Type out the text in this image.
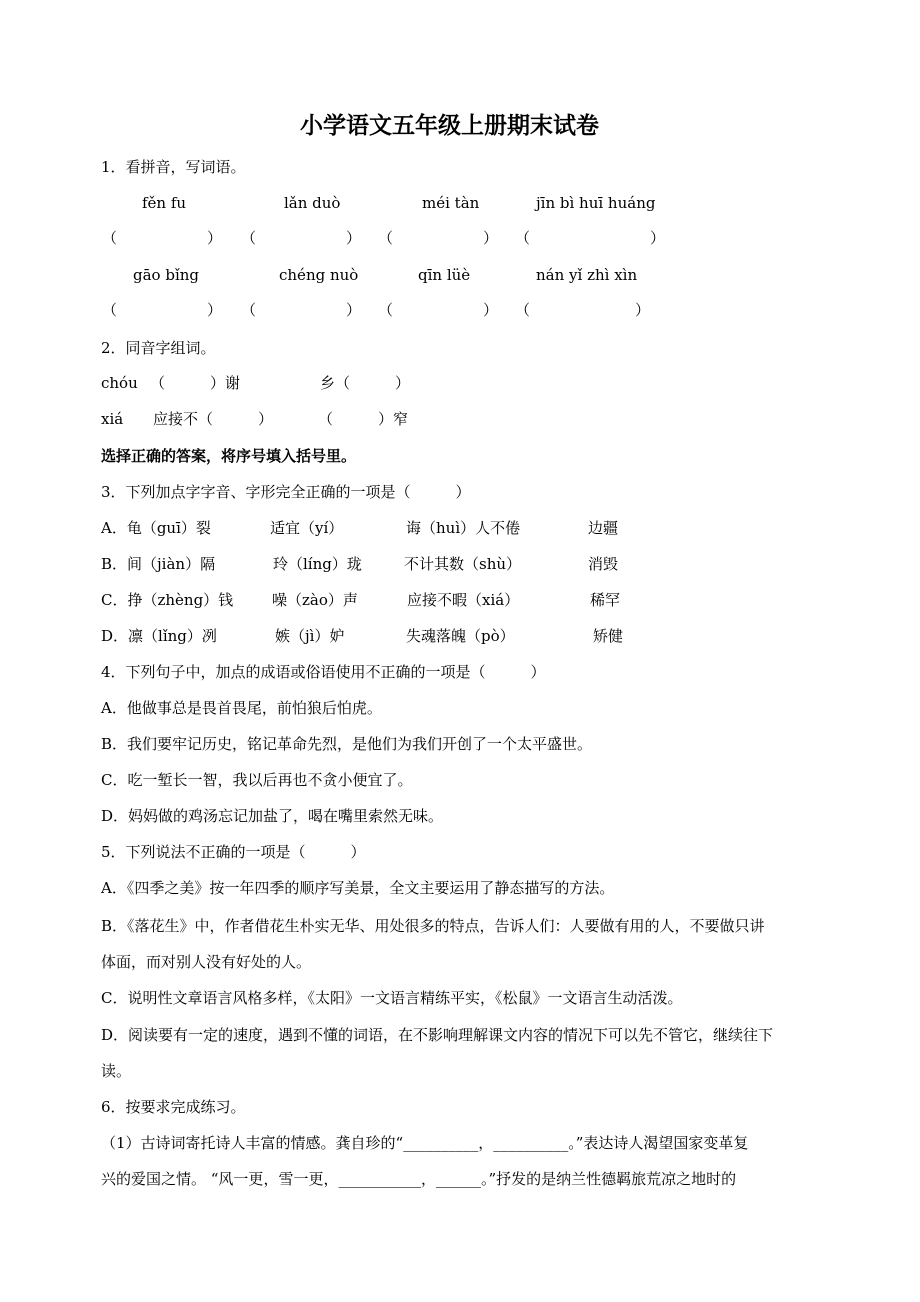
小学语文五年级上册期末试卷
1．看拼音，写词语。
fěn fu	lǎn duò	méi tàn	jīn bì huī huáng
（　　　　　　） （　　　　　　） （　　　　　　） （　　　　　　　　）
gāo bǐng	chéng nuò	qīn lüè	nán yǐ zhì xìn
（　　　　　　） （　　　　　　） （　　　　　　） （　　　　　　　）
2．同音字组词。
chóu （　　　）谢	乡（　　　）
xiá 应接不（　　　）	（　　　）窄
选择正确的答案，将序号填入括号里。
3．下列加点字字音、字形完全正确的一项是（　　　）
A．龟（guī）裂	适宜（yí）	诲（huì）人不倦	边疆
B．间（jiàn）隔	玲（líng）珑	不计其数（shù）	消毁
C．挣（zhèng）钱	噪（zào）声	应接不暇（xiá）	稀罕
D．凛（lǐng）冽	嫉（jì）妒	失魂落魄（pò）	矫健
4．下列句子中，加点的成语或俗语使用不正确的一项是（　　　）
A．他做事总是畏首畏尾，前怕狼后怕虎。
B．我们要牢记历史，铭记革命先烈，是他们为我们开创了一个太平盛世。
C．吃一堑长一智，我以后再也不贪小便宜了。
D．妈妈做的鸡汤忘记加盐了，喝在嘴里索然无味。
5．下列说法不正确的一项是（　　　）
A．《四季之美》按一年四季的顺序写美景，全文主要运用了静态描写的方法。
B．《落花生》中，作者借花生朴实无华、用处很多的特点，告诉人们：人要做有用的人，不要做只讲
体面，而对别人没有好处的人。
C．说明性文章语言风格多样，《太阳》一文语言精练平实，《松鼠》一文语言生动活泼。
D．阅读要有一定的速度，遇到不懂的词语，在不影响理解课文内容的情况下可以先不管它，继续往下
读。
6．按要求完成练习。
（1）古诗词寄托诗人丰富的情感。龚自珍的“__________，__________。”表达诗人渴望国家变革复
兴的爱国之情。 “风一更，雪一更，___________，______。”抒发的是纳兰性德羁旅荒凉之地时的
